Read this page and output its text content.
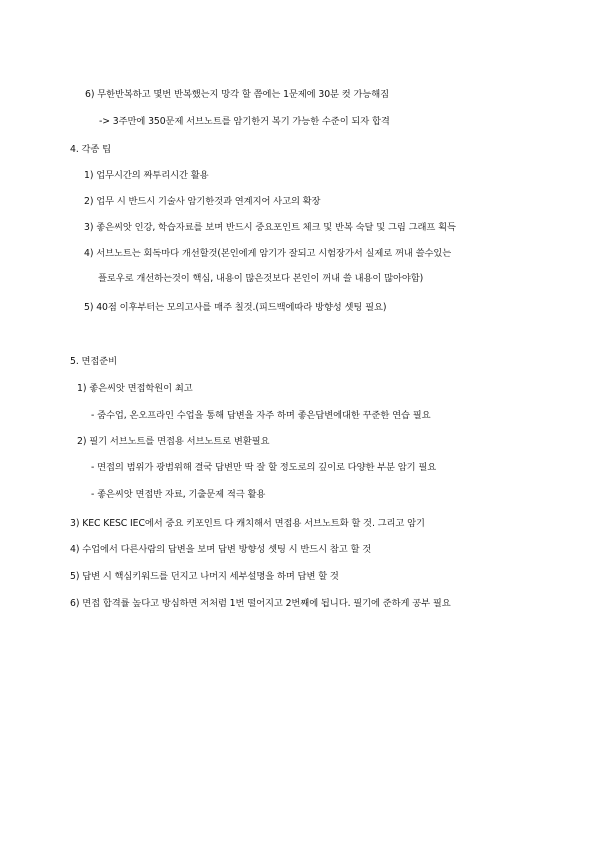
6) 무한반복하고 몇번 반복했는지 망각 할 쯤에는 1문제에 30분 컷 가능해짐
-> 3주만에 350문제 서브노트를 암기한거 복기 가능한 수준이 되자 합격
4. 각종 팁
1) 업무시간의 짜투리시간 활용
2) 업무 시 반드시 기술사 암기한것과 연계지어 사고의 확장
3) 좋은씨앗 인강, 학습자료를 보며 반드시 중요포인트 체크 및 반복 숙달 및 그림 그래프 획득
4) 서브노트는 회독마다 개선할것(본인에게 암기가 잘되고 시험장가서 실제로 꺼내 쓸수있는
플로우로 개선하는것이 핵심, 내용이 많은것보다 본인이 꺼내 쓸 내용이 많아야함)
5) 40점 이후부터는 모의고사를 매주 칠것.(피드백에따라 방향성 셋팅 필요)
5. 면접준비
1) 좋은씨앗 면접학원이 최고
- 줌수업, 온오프라인 수업을 통해 답변을 자주 하며 좋은답변에대한 꾸준한 연습 필요
2) 필기 서브노트를 면접용 서브노트로 변환필요
- 면접의 범위가 광범위해 결국 답변만 딱 잘 할 정도로의 깊이로 다양한 부분 암기 필요
- 좋은씨앗 면접반 자료, 기출문제 적극 활용
3) KEC KESC IEC에서 중요 키포인트 다 캐치해서 면접용 서브노트화 할 것. 그리고 암기
4) 수업에서 다른사람의 답변을 보며 답변 방향성 셋팅 시 반드시 참고 할 것
5) 답변 시 핵심키워드를 던지고 나머지 세부설명을 하며 답변 할 것
6) 면접 합격률 높다고 방심하면 저처럼 1번 떨어지고 2번째에 됩니다. 필기에 준하게 공부 필요
